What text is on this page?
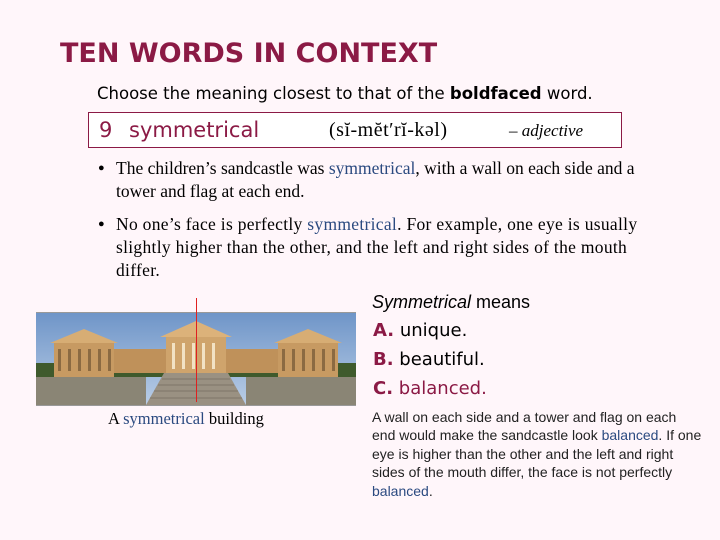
TEN WORDS IN CONTEXT
Choose the meaning closest to that of the boldfaced word.
9 symmetrical	(sĭ-mĕt′rĭ-kəl)	– adjective
● The children’s sandcastle was symmetrical, with a wall on each side and a tower and flag at each end.
● No one’s face is perfectly symmetrical. For example, one eye is usually slightly higher than the other, and the left and right sides of the mouth differ.
A symmetrical building
Symmetrical means
A. unique.
B. beautiful.
C. balanced.
A wall on each side and a tower and flag on each end would make the sandcastle look balanced. If one eye is higher than the other and the left and right sides of the mouth differ, the face is not perfectly balanced.
